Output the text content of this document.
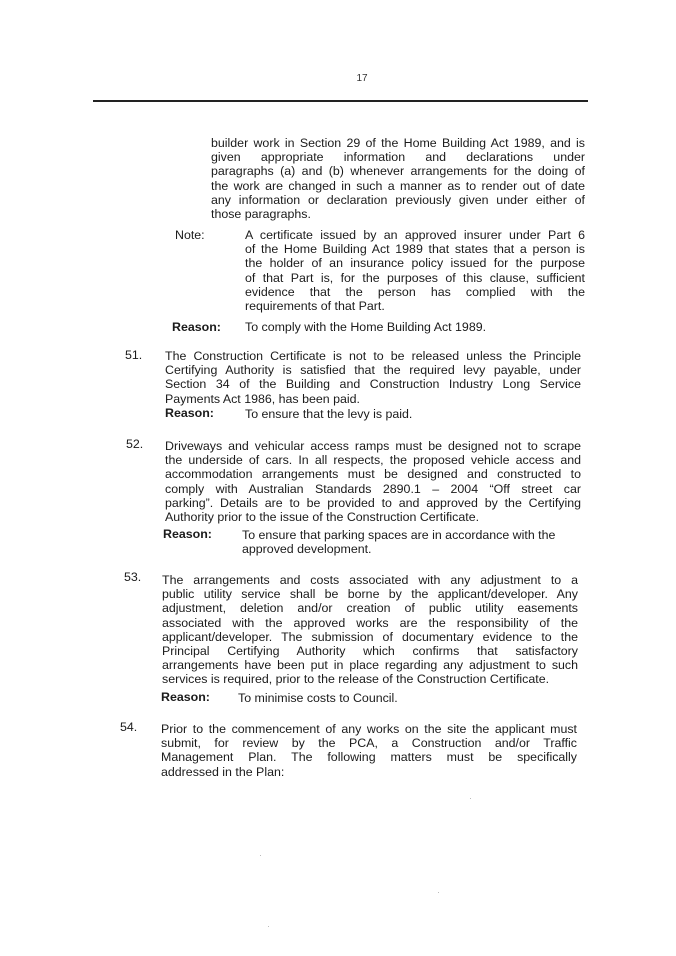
17
builder work in Section 29 of the Home Building Act 1989, and is
given appropriate information and declarations under
paragraphs (a) and (b) whenever arrangements for the doing of
the work are changed in such a manner as to render out of date
any information or declaration previously given under either of
those paragraphs.
Note:	A certificate issued by an approved insurer under Part 6
of the Home Building Act 1989 that states that a person is
the holder of an insurance policy issued for the purpose
of that Part is, for the purposes of this clause, sufficient
evidence that the person has complied with the
requirements of that Part.
Reason: To comply with the Home Building Act 1989.
51. The Construction Certificate is not to be released unless the Principle
Certifying Authority is satisfied that the required levy payable, under
Section 34 of the Building and Construction Industry Long Service
Payments Act 1986, has been paid.
Reason:	To ensure that the levy is paid.
52. Driveways and vehicular access ramps must be designed not to scrape
the underside of cars. In all respects, the proposed vehicle access and
accommodation arrangements must be designed and constructed to
comply with Australian Standards 2890.1 – 2004 “Off street car
parking”. Details are to be provided to and approved by the Certifying
Authority prior to the issue of the Construction Certificate.
Reason: To ensure that parking spaces are in accordance with the
approved development.
53. The arrangements and costs associated with any adjustment to a
public utility service shall be borne by the applicant/developer. Any
adjustment, deletion and/or creation of public utility easements
associated with the approved works are the responsibility of the
applicant/developer. The submission of documentary evidence to the
Principal Certifying Authority which confirms that satisfactory
arrangements have been put in place regarding any adjustment to such
services is required, prior to the release of the Construction Certificate.
Reason: To minimise costs to Council.
54. Prior to the commencement of any works on the site the applicant must
submit, for review by the PCA, a Construction and/or Traffic
Management Plan. The following matters must be specifically
addressed in the Plan:
